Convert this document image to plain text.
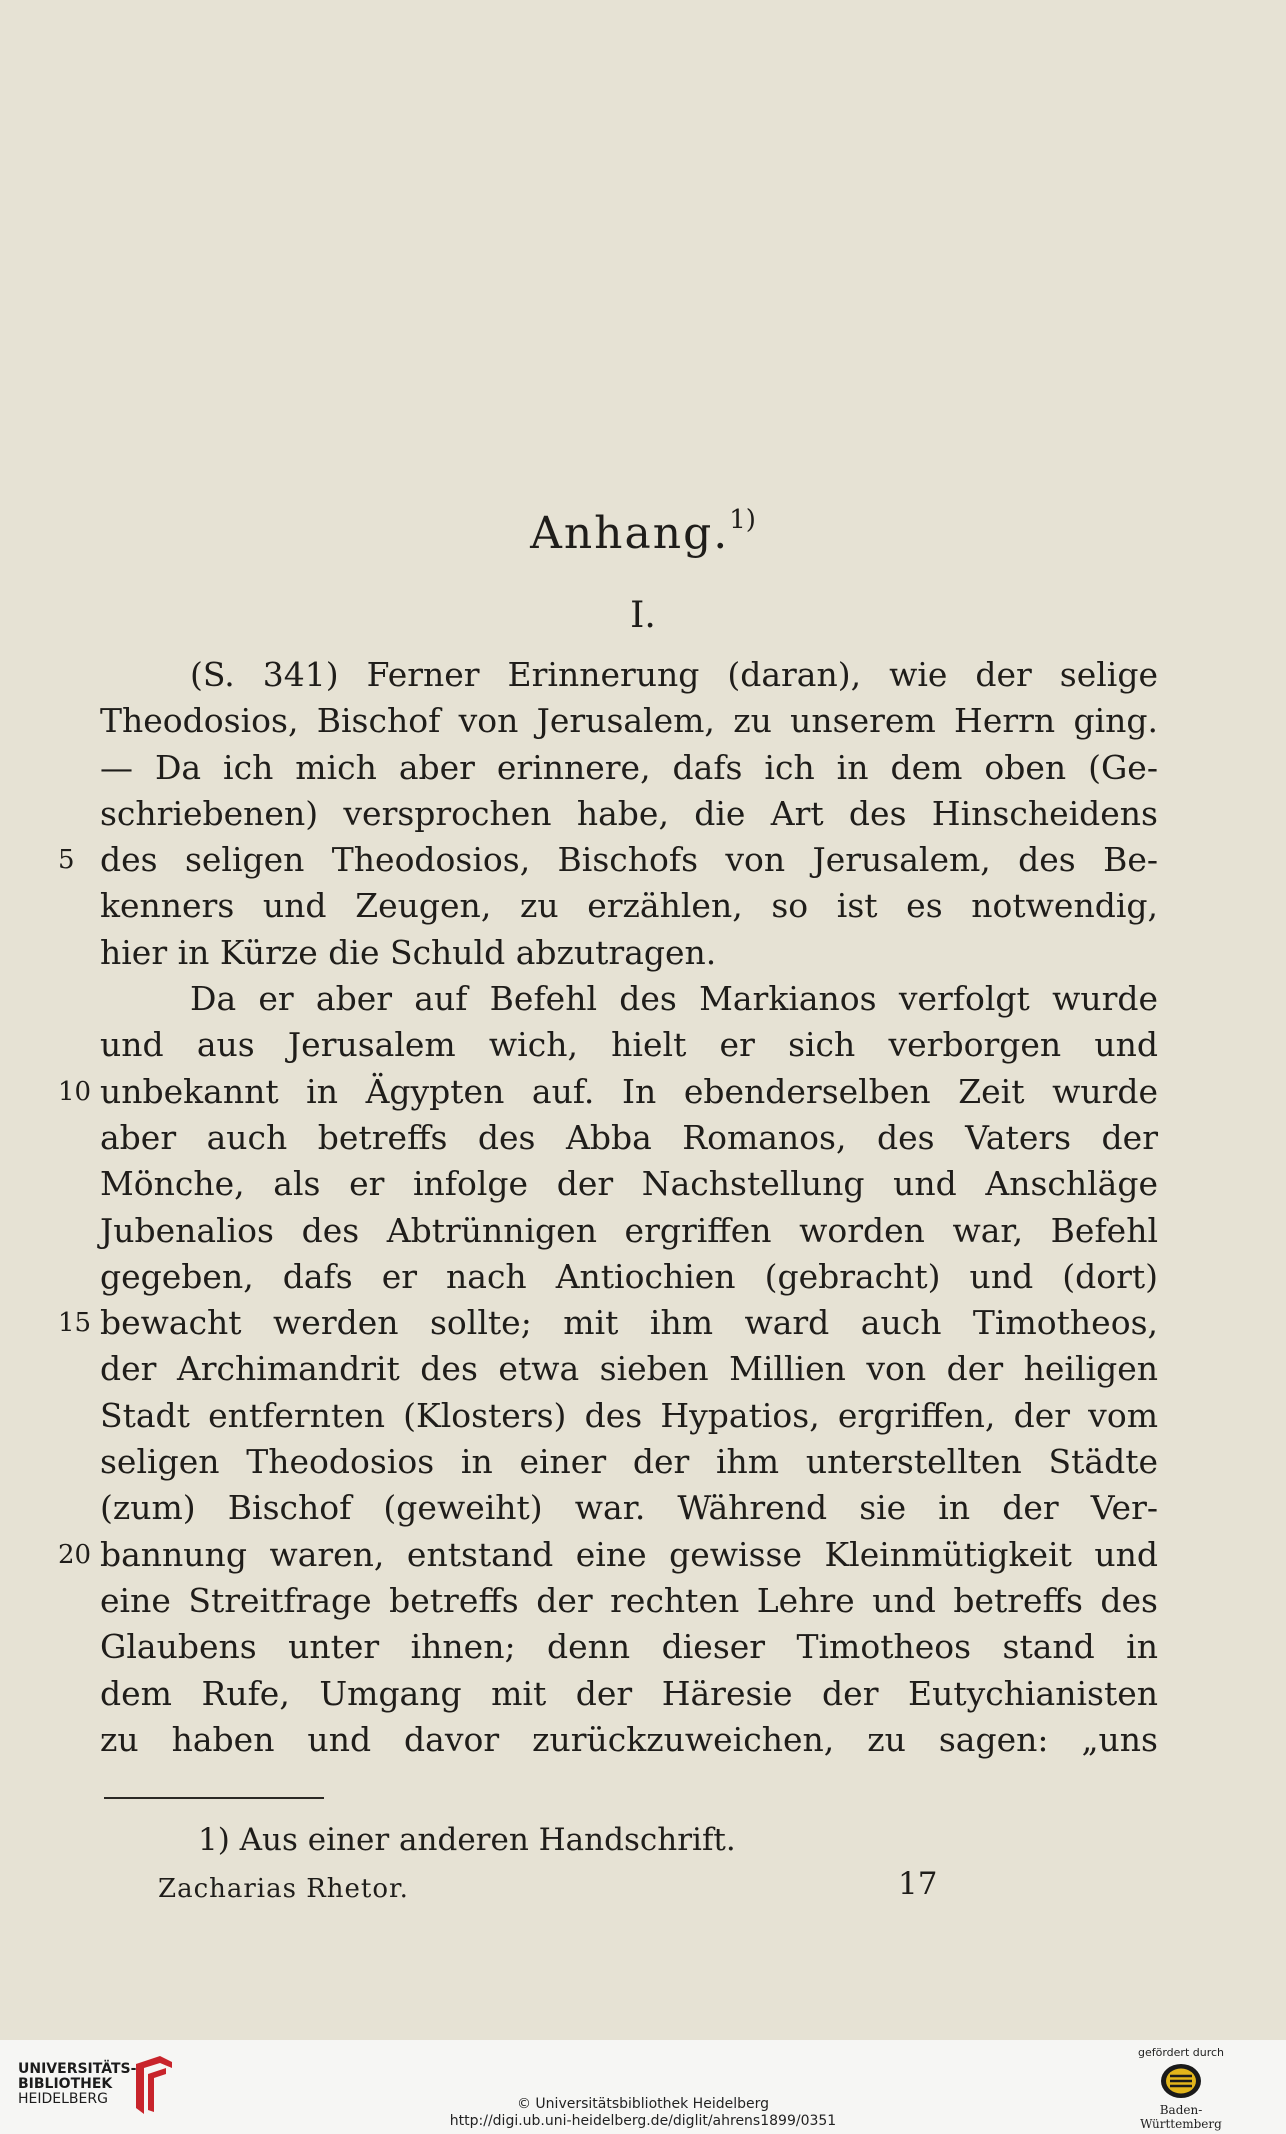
Anhang.$^{1)}$
I.
(S. 341) Ferner Erinnerung (daran), wie der selige
Theodosios, Bischof von Jerusalem, zu unserem Herrn ging.
— Da ich mich aber erinnere, dafs ich in dem oben (Ge-
schriebenen) versprochen habe, die Art des Hinscheidens
5 des seligen Theodosios, Bischofs von Jerusalem, des Be-
kenners und Zeugen, zu erzählen, so ist es notwendig,
hier in Kürze die Schuld abzutragen.
Da er aber auf Befehl des Markianos verfolgt wurde
und aus Jerusalem wich, hielt er sich verborgen und
10 unbekannt in Ägypten auf. In ebenderselben Zeit wurde
aber auch betreffs des Abba Romanos, des Vaters der
Mönche, als er infolge der Nachstellung und Anschläge
Jubenalios des Abtrünnigen ergriffen worden war, Befehl
gegeben, dafs er nach Antiochien (gebracht) und (dort)
15 bewacht werden sollte; mit ihm ward auch Timotheos,
der Archimandrit des etwa sieben Millien von der heiligen
Stadt entfernten (Klosters) des Hypatios, ergriffen, der vom
seligen Theodosios in einer der ihm unterstellten Städte
(zum) Bischof (geweiht) war. Während sie in der Ver-
20 bannung waren, entstand eine gewisse Kleinmütigkeit und
eine Streitfrage betreffs der rechten Lehre und betreffs des
Glaubens unter ihnen; denn dieser Timotheos stand in
dem Rufe, Umgang mit der Häresie der Eutychianisten
zu haben und davor zurückzuweichen, zu sagen: „uns
1) Aus einer anderen Handschrift.
Zacharias Rhetor.	17
UNIVERSITÄTS-
BIBLIOTHEK
HEIDELBERG	© Universitätsbibliothek Heidelberg
http://digi.ub.uni-heidelberg.de/diglit/ahrens1899/0351
gefördert durch
Baden-Württemberg
